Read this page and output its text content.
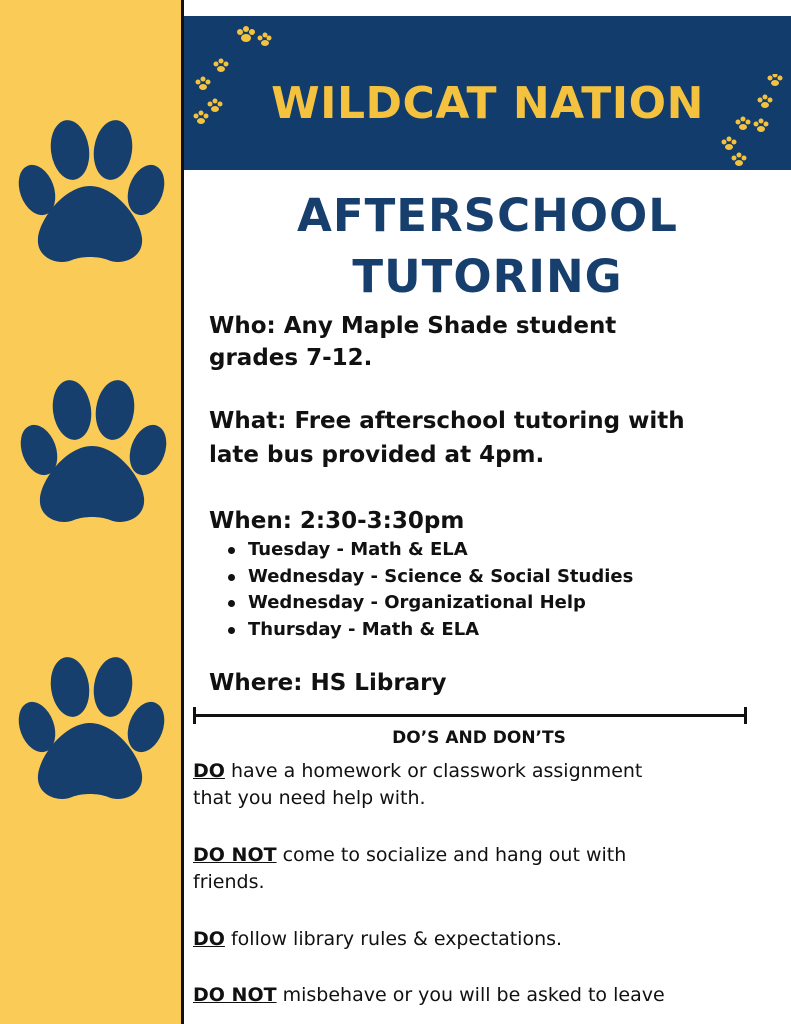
WILDCAT NATION
AFTERSCHOOL
TUTORING
Who: Any Maple Shade student
grades 7-12.
What: Free afterschool tutoring with
late bus provided at 4pm.
When: 2:30-3:30pm
Tuesday - Math & ELA
Wednesday - Science & Social Studies
Wednesday - Organizational Help
Thursday - Math & ELA
Where: HS Library
DO’S AND DON’TS
DO have a homework or classwork assignment
that you need help with.
DO NOT come to socialize and hang out with
friends.
DO follow library rules & expectations.
DO NOT misbehave or you will be asked to leave
